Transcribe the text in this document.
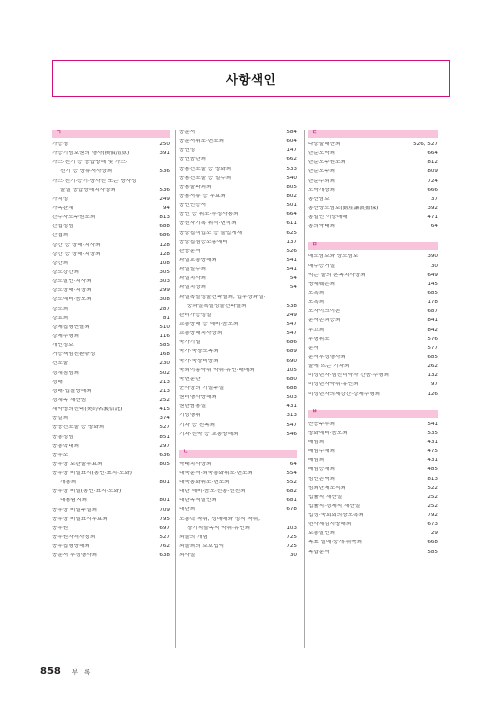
사항색인
ㄱ
가등청	250
가등기담보권의 행사(換價清算)	391
가스·전기 등 공급방해 및 가스·
전기 등 방류저사상죄	536
가스·전기·증기·방사선 또는 방사성
물질 공급방해치사상죄	536
가치성	249
가족관계	94
간수자도주원조죄	813
간접정범	688
간첩죄	686
강간 등 상해·치사죄	128
강간 등 상해·치상죄	128
강간죄	108
강도강간죄	305
강도살인·치사죄	303
강도상해·치상죄	299
강도예비·음모죄	308
강도죄	287
강요죄	81
강제집행면탈죄	510
강제추행죄	116
개인정보	585
거증책임전환규정	168
건조물	230
경계침범죄	502
경매	213
경매·입찰방해죄	213
경계목 재산범	252
계약명의신탁(契約名義信託)	415
공갈죄	374
공공건조물 등 방화죄	527
공동정범	851
공동학대죄	297
공무소	636
공무상 보관물무효죄	805
공무상 비밀표시(봉인·표지·도화)
개봉죄	801
공무상 비밀(봉인·표지·도화)
내용탐지죄	801
공무상 비밀누설죄	709
공무상 비밀표시무효죄	795
공무원	697
공무원자격사칭죄	527
공무집행방해죄	762
공문서 부정행사죄	638
공문서	584
공문서위조·변조죄	604
공연성	147
공연음란죄	662
공용건조물 등 방화죄	533
공용건조물 등 일수죄	540
공용물파괴죄	805
공용서류 등 무효죄	802
공인인증서	501
공인 등 위조·부정사용죄	664
공전자기록 위작·변작죄	611
공중접객업소 등 불법게재	625
공중접점등소송예비	137
관공문서	526
과실교통방해죄	541
과실일수죄	541
과실치사죄	54
과실치상죄	54
과실폭발성물건파열죄, 업무상과실·
중과실폭발성물건파열죄	538
관리가능성설	249
교통방해 등 예비·음모죄	547
교통방해치사상죄	547
국가기밀	686
국가·국장모독죄	689
국가·국장비방죄	690
국외이송약취 약취·유인·매매죄	105
국헌문란	680
군사상의 기밀누설	688
권리행사방해죄	503
권한남용설	431
기망행위	313
기차 등 전복죄	547
기차·선박 등 교통방해죄	546
ㄴ
낙태치사상죄	64
내국문서·외국통화위조·변조죄	554
내국통화위조·변조죄	552
내란 예비·음모·선동·선전죄	682
내란목적살인죄	681
내란죄	678
노동력 착취, 성매매와 성적 착취,
장기적출목적 약취·유인죄	103
뇌물의 개념	725
뇌물죄의 보호법익	725
뇌사설	30
ㄷ
다중불해산죄	526, 527
단순도박죄	664
단순도주원조죄	812
단순도주죄	809
단순수뢰죄	724
도박개장죄	666
동산담보	37
동산양도담보(動産讓渡擔保)	392
동일인 이중매매	471
동의낙태죄	64
ㅁ
매도담보와 양도담보	390
매수증거설	30
먹는 물의 혼독치사상죄	649
명예훼손죄	145
모욕죄	685
모욕죄	178
모자이크이론	687
문서손괴등죄	841
무고죄	842
무형위조	576
문서	577
문서부정행사죄	685
물에 뜨는 기차죄	262
미성년자·심신미약자 간음·추행죄	132
미성년자약취·유인죄	97
미성년자의제강간·강제추행죄	126
ㅂ
반응주부죄	541
방화예비·음모죄	535
배임죄	431
배임수재죄	475
배임죄	431
배임증재죄	485
범인은닉죄	813
범죄단체조직죄	522
법률적 재산설	252
법률적·경제적 재산설	252
법정·국회회의장모욕죄	792
변사체검시방해죄	673
보통살인죄	29
복표 발매·중개·취득죄	668
복합문서	585
858 부 록
